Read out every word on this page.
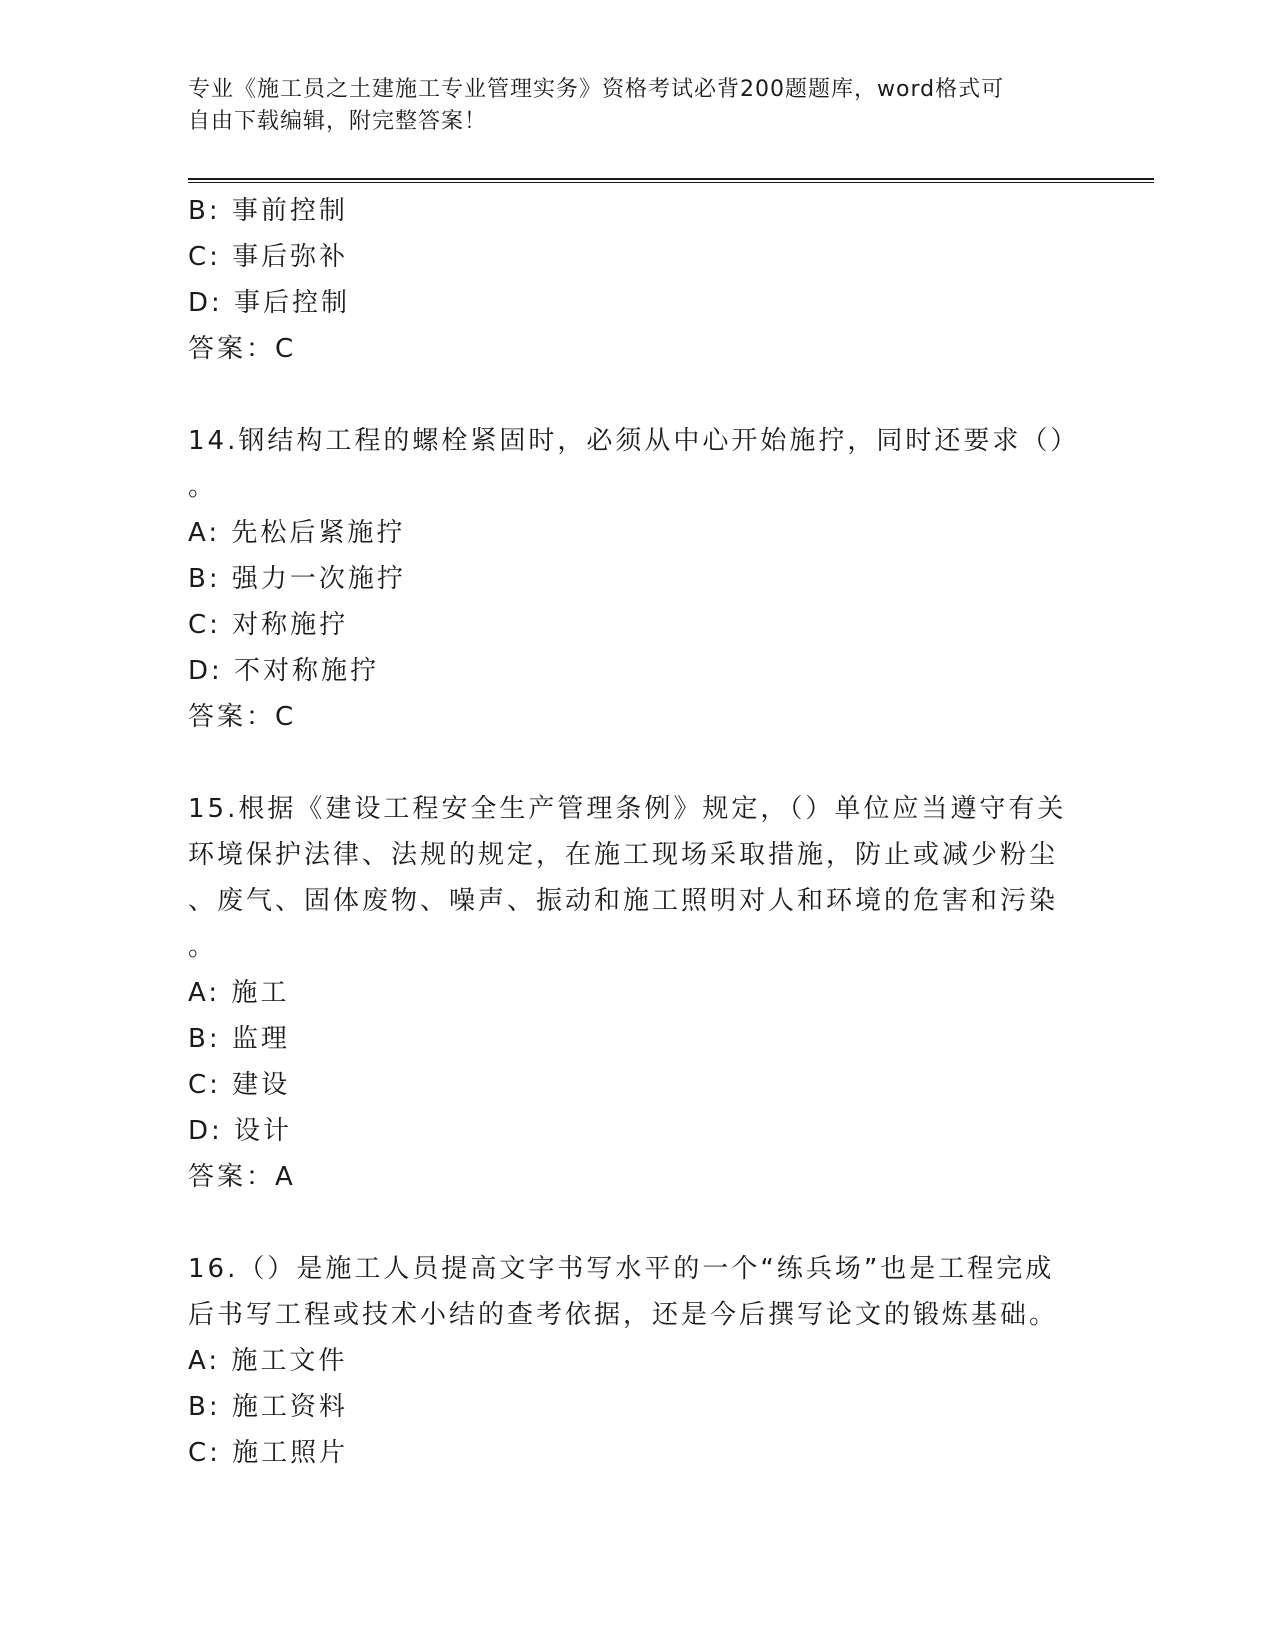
专业《施工员之土建施工专业管理实务》资格考试必背200题题库，word格式可
自由下载编辑，附完整答案！
B: 事前控制
C: 事后弥补
D: 事后控制
答案：C
14.钢结构工程的螺栓紧固时，必须从中心开始施拧，同时还要求（）
。
A: 先松后紧施拧
B: 强力一次施拧
C: 对称施拧
D: 不对称施拧
答案：C
15.根据《建设工程安全生产管理条例》规定，（）单位应当遵守有关
环境保护法律、法规的规定，在施工现场采取措施，防止或减少粉尘
、废气、固体废物、噪声、振动和施工照明对人和环境的危害和污染
。
A: 施工
B: 监理
C: 建设
D: 设计
答案：A
16.（）是施工人员提高文字书写水平的一个“练兵场”也是工程完成
后书写工程或技术小结的查考依据，还是今后撰写论文的锻炼基础。
A: 施工文件
B: 施工资料
C: 施工照片
